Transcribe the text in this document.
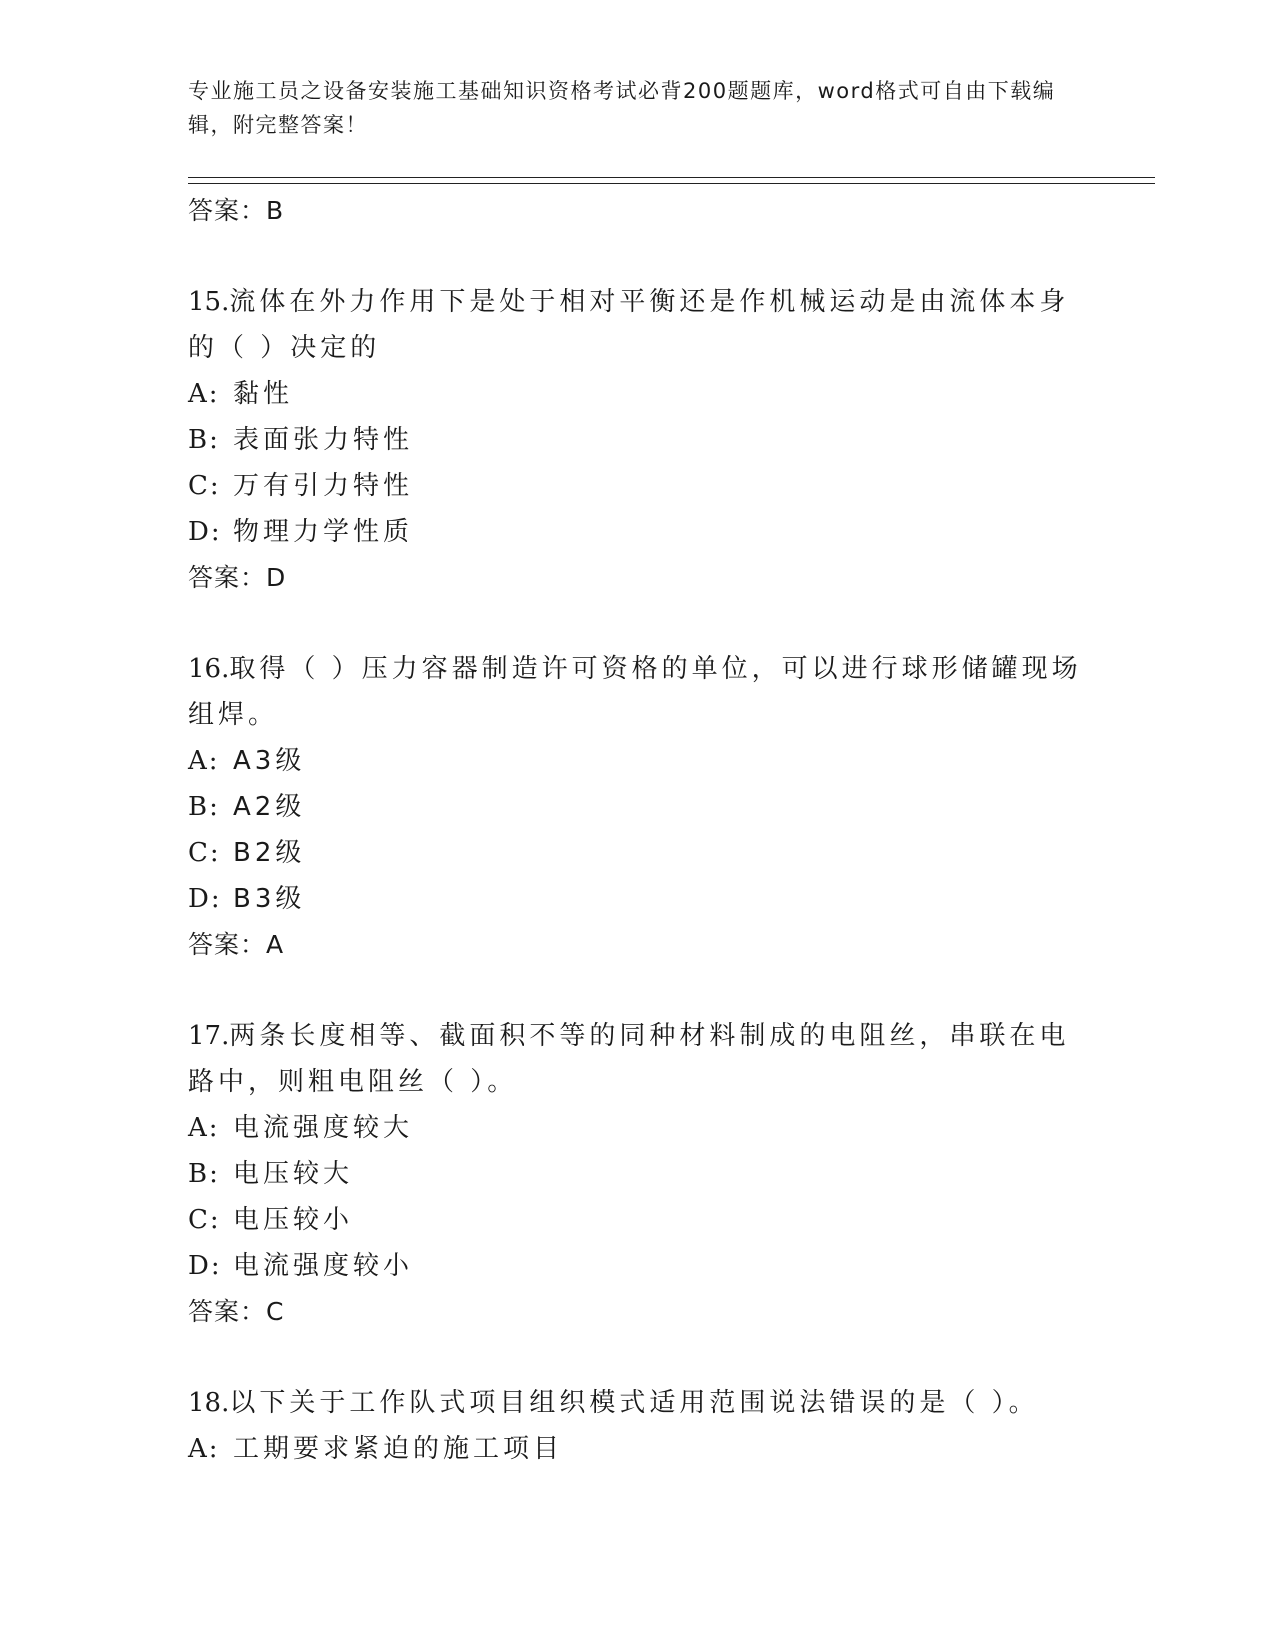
专业施工员之设备安装施工基础知识资格考试必背200题题库，word格式可自由下载编辑，附完整答案！

答案：B

15.流体在外力作用下是处于相对平衡还是作机械运动是由流体本身的（ ）决定的

A: 黏性

B: 表面张力特性

C: 万有引力特性

D: 物理力学性质

答案：D

16.取得（ ）压力容器制造许可资格的单位，可以进行球形储罐现场组焊。

A: A3级

B: A2级

C: B2级

D: B3级

答案：A

17.两条长度相等、截面积不等的同种材料制成的电阻丝，串联在电路中，则粗电阻丝（ ）。

A: 电流强度较大

B: 电压较大

C: 电压较小

D: 电流强度较小

答案：C

18.以下关于工作队式项目组织模式适用范围说法错误的是（ ）。

A: 工期要求紧迫的施工项目
